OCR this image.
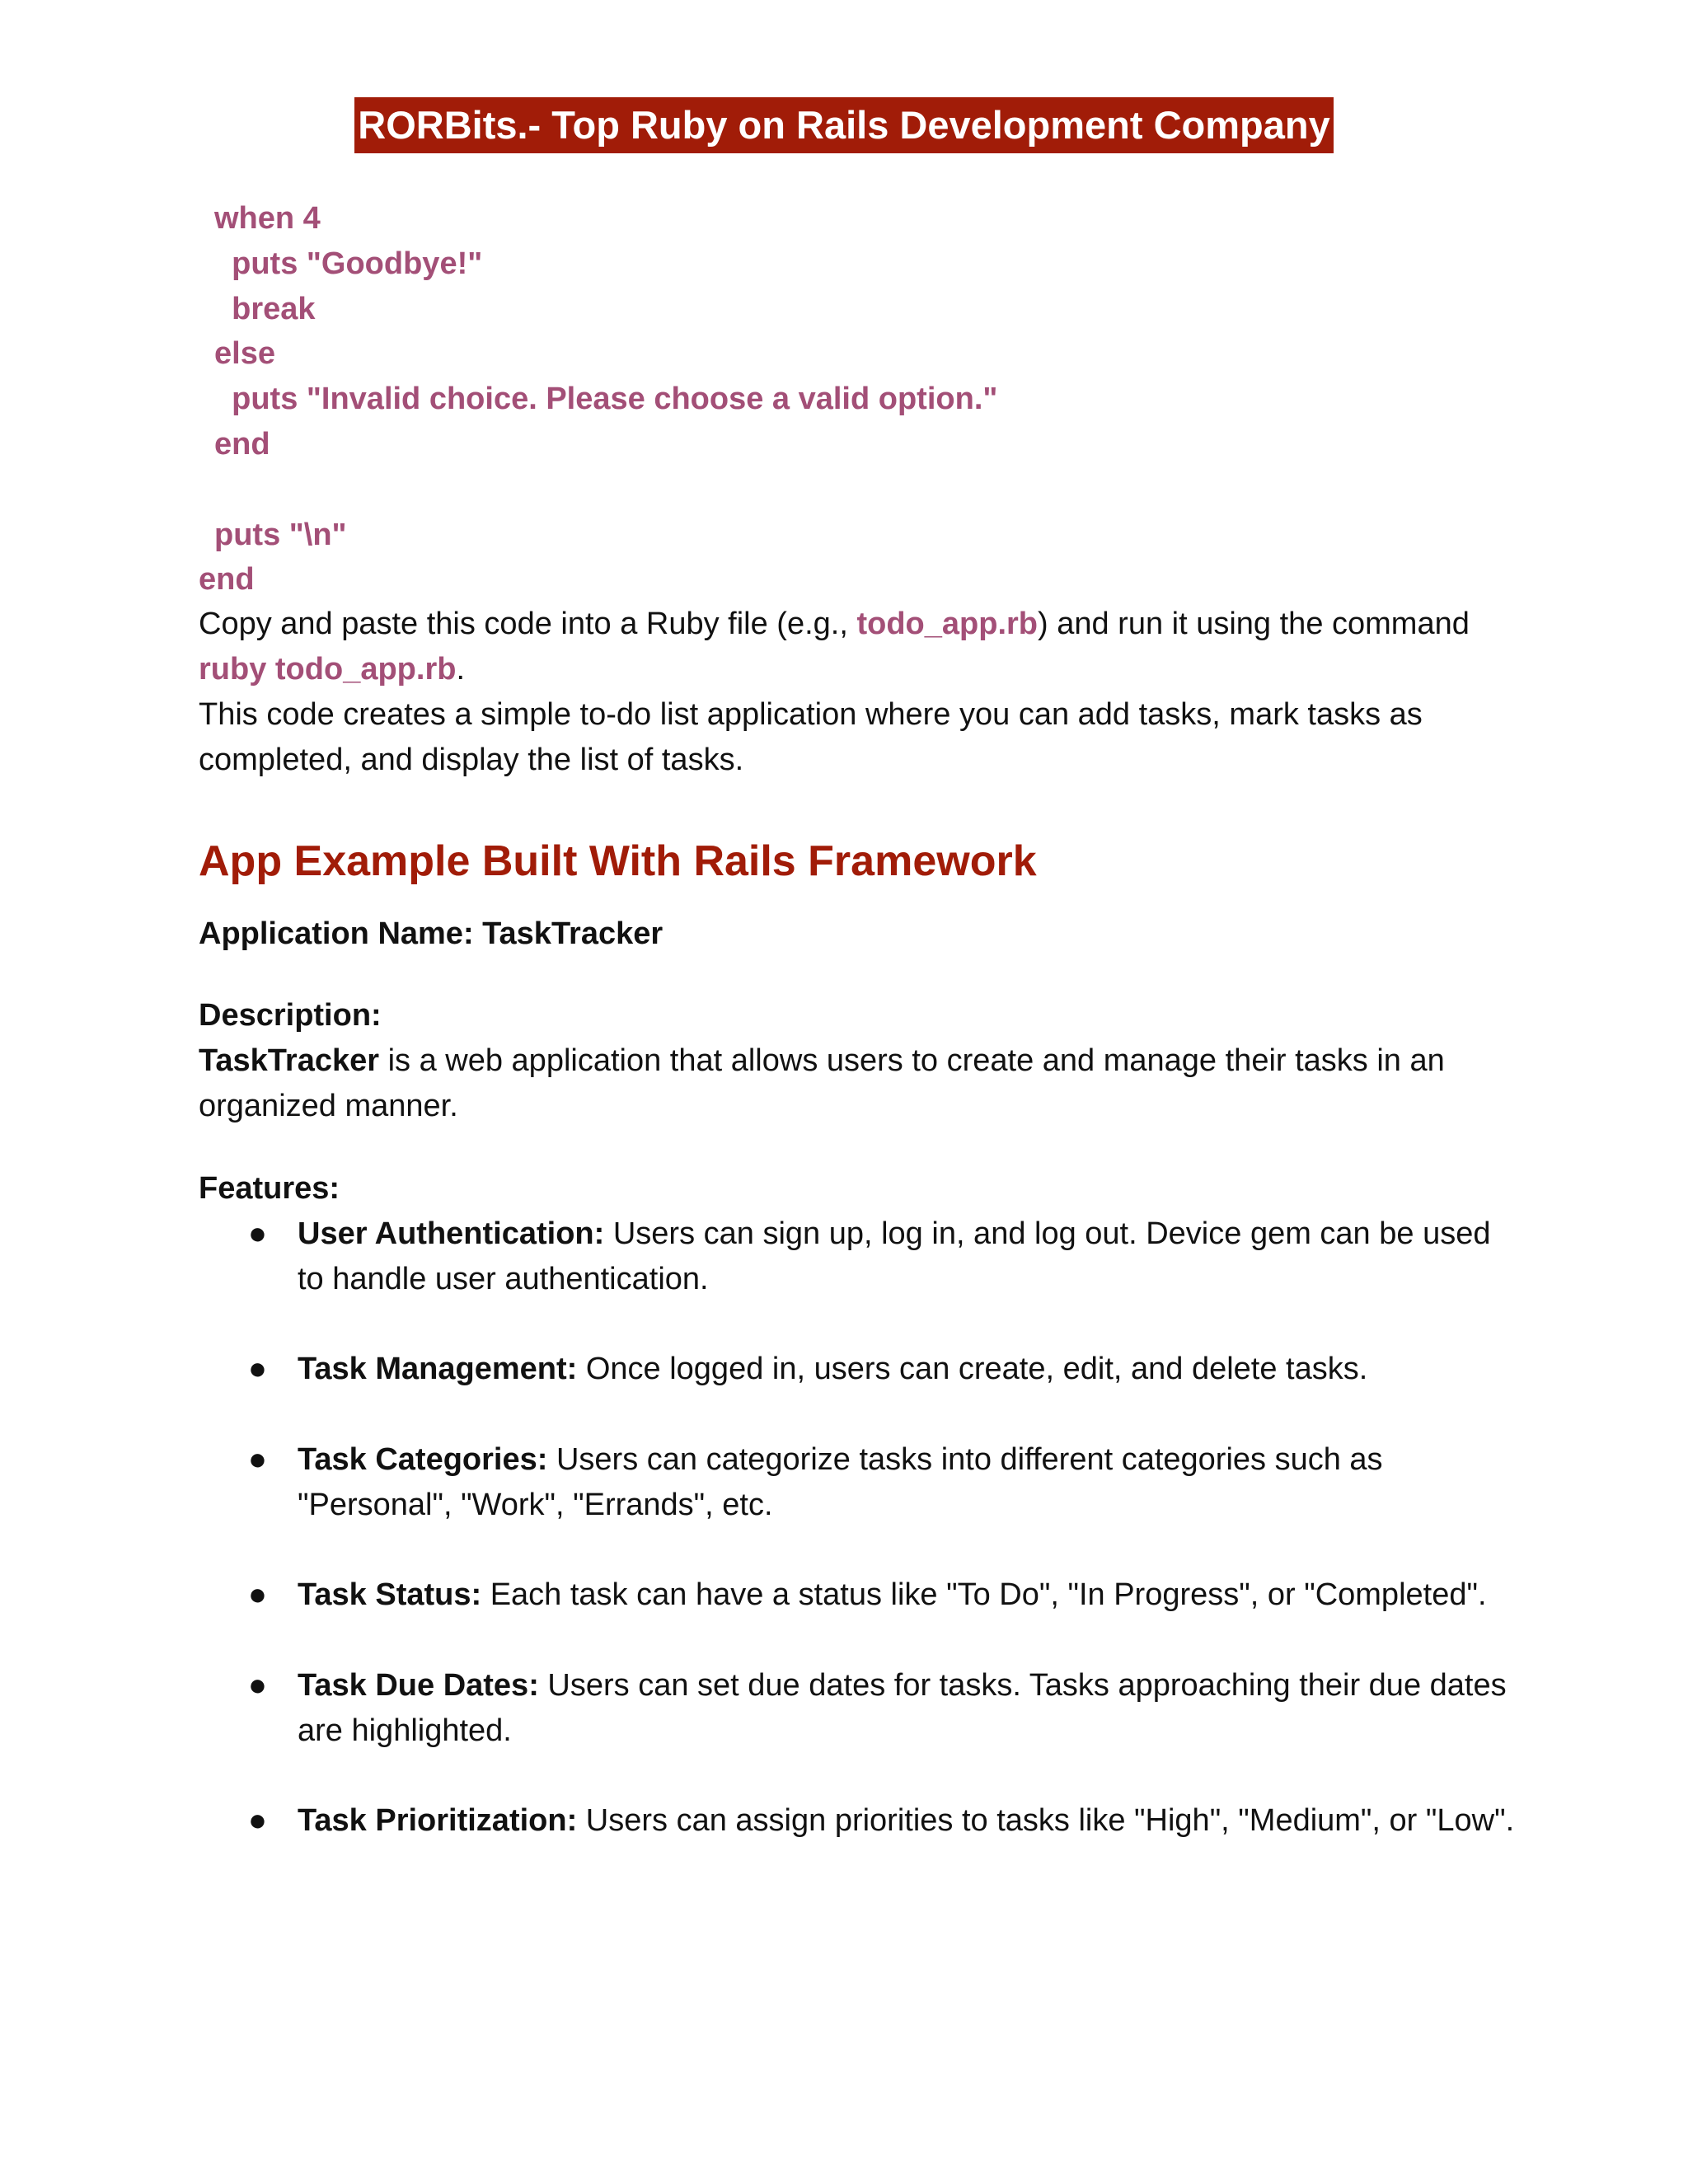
RORBits.- Top Ruby on Rails Development Company
when 4
puts "Goodbye!"
break
else
puts "Invalid choice. Please choose a valid option."
end
puts "\n"
end
Copy and paste this code into a Ruby file (e.g., todo_app.rb) and run it using the command ruby todo_app.rb.
This code creates a simple to-do list application where you can add tasks, mark tasks as completed, and display the list of tasks.
App Example Built With Rails Framework
Application Name: TaskTracker
Description:
TaskTracker is a web application that allows users to create and manage their tasks in an organized manner.
Features:
● User Authentication: Users can sign up, log in, and log out. Device gem can be used to handle user authentication.
● Task Management: Once logged in, users can create, edit, and delete tasks.
● Task Categories: Users can categorize tasks into different categories such as "Personal", "Work", "Errands", etc.
● Task Status: Each task can have a status like "To Do", "In Progress", or "Completed".
● Task Due Dates: Users can set due dates for tasks. Tasks approaching their due dates are highlighted.
● Task Prioritization: Users can assign priorities to tasks like "High", "Medium", or "Low".
